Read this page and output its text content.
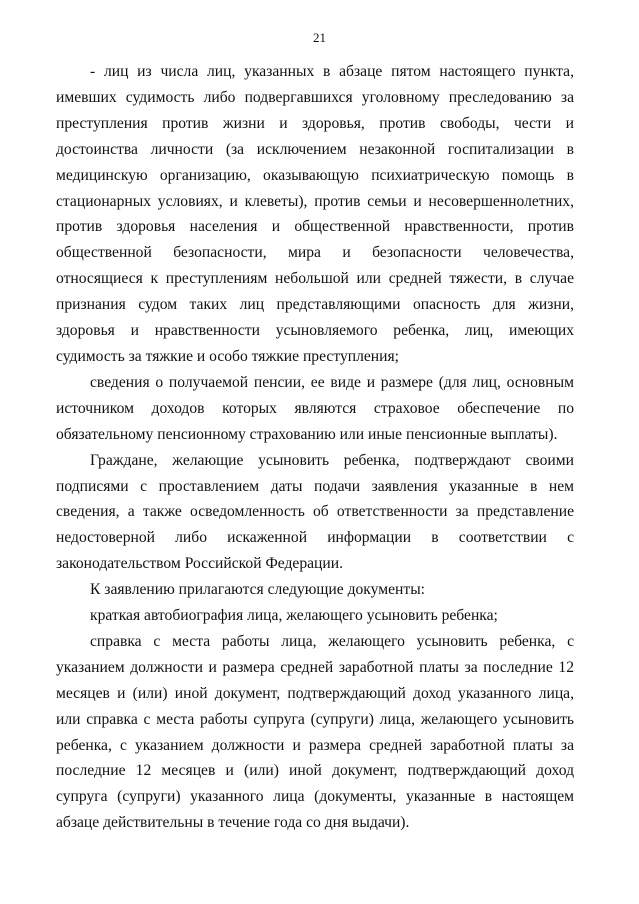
21

- лиц из числа лиц, указанных в абзаце пятом настоящего пункта, имевших судимость либо подвергавшихся уголовному преследованию за преступления против жизни и здоровья, против свободы, чести и достоинства личности (за исключением незаконной госпитализации в медицинскую организацию, оказывающую психиатрическую помощь в стационарных условиях, и клеветы), против семьи и несовершеннолетних, против здоровья населения и общественной нравственности, против общественной безопасности, мира и безопасности человечества, относящиеся к преступлениям небольшой или средней тяжести, в случае признания судом таких лиц представляющими опасность для жизни, здоровья и нравственности усыновляемого ребенка, лиц, имеющих судимость за тяжкие и особо тяжкие преступления;

сведения о получаемой пенсии, ее виде и размере (для лиц, основным источником доходов которых являются страховое обеспечение по обязательному пенсионному страхованию или иные пенсионные выплаты).

Граждане, желающие усыновить ребенка, подтверждают своими подписями с проставлением даты подачи заявления указанные в нем сведения, а также осведомленность об ответственности за представление недостоверной либо искаженной информации в соответствии с законодательством Российской Федерации.

К заявлению прилагаются следующие документы:

краткая автобиография лица, желающего усыновить ребенка;

справка с места работы лица, желающего усыновить ребенка, с указанием должности и размера средней заработной платы за последние 12 месяцев и (или) иной документ, подтверждающий доход указанного лица, или справка с места работы супруга (супруги) лица, желающего усыновить ребенка, с указанием должности и размера средней заработной платы за последние 12 месяцев и (или) иной документ, подтверждающий доход супруга (супруги) указанного лица (документы, указанные в настоящем абзаце действительны в течение года со дня выдачи).
